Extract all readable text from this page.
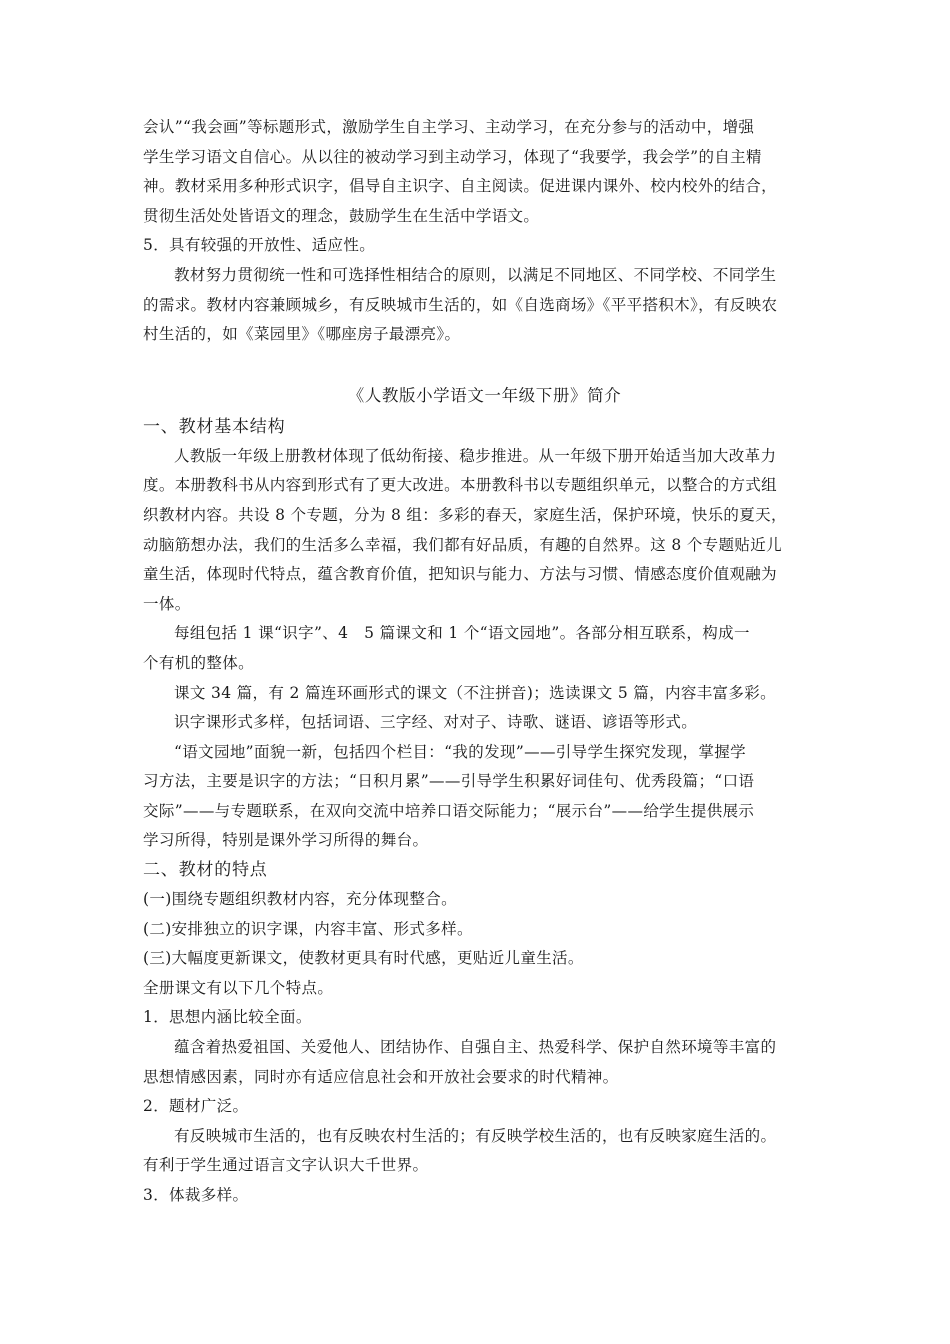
会认”“我会画”等标题形式，激励学生自主学习、主动学习，在充分参与的活动中，增强
学生学习语文自信心。从以往的被动学习到主动学习，体现了“我要学，我会学”的自主精
神。教材采用多种形式识字，倡导自主识字、自主阅读。促进课内课外、校内校外的结合，
贯彻生活处处皆语文的理念，鼓励学生在生活中学语文。
5．具有较强的开放性、适应性。
教材努力贯彻统一性和可选择性相结合的原则，以满足不同地区、不同学校、不同学生
的需求。教材内容兼顾城乡，有反映城市生活的，如《自选商场》《平平搭积木》，有反映农
村生活的，如《菜园里》《哪座房子最漂亮》。
《人教版小学语文一年级下册》简介
一、教材基本结构
人教版一年级上册教材体现了低幼衔接、稳步推进。从一年级下册开始适当加大改革力
度。本册教科书从内容到形式有了更大改进。本册教科书以专题组织单元，以整合的方式组
织教材内容。共设 8 个专题，分为 8 组：多彩的春天，家庭生活，保护环境，快乐的夏天，
动脑筋想办法，我们的生活多么幸福，我们都有好品质，有趣的自然界。这 8 个专题贴近儿
童生活，体现时代特点，蕴含教育价值，把知识与能力、方法与习惯、情感态度价值观融为
一体。
每组包括 1 课“识字”、4　5 篇课文和 1 个“语文园地”。各部分相互联系，构成一
个有机的整体。
课文 34 篇，有 2 篇连环画形式的课文（不注拼音)；选读课文 5 篇，内容丰富多彩。
识字课形式多样，包括词语、三字经、对对子、诗歌、谜语、谚语等形式。
“语文园地”面貌一新，包括四个栏目：“我的发现”——引导学生探究发现，掌握学
习方法，主要是识字的方法；“日积月累”——引导学生积累好词佳句、优秀段篇；“口语
交际”——与专题联系，在双向交流中培养口语交际能力；“展示台”——给学生提供展示
学习所得，特别是课外学习所得的舞台。
二、教材的特点
(一)围绕专题组织教材内容，充分体现整合。
(二)安排独立的识字课，内容丰富、形式多样。
(三)大幅度更新课文，使教材更具有时代感，更贴近儿童生活。
全册课文有以下几个特点。
1．思想内涵比较全面。
蕴含着热爱祖国、关爱他人、团结协作、自强自主、热爱科学、保护自然环境等丰富的
思想情感因素，同时亦有适应信息社会和开放社会要求的时代精神。
2．题材广泛。
有反映城市生活的，也有反映农村生活的；有反映学校生活的，也有反映家庭生活的。
有利于学生通过语言文字认识大千世界。
3．体裁多样。
